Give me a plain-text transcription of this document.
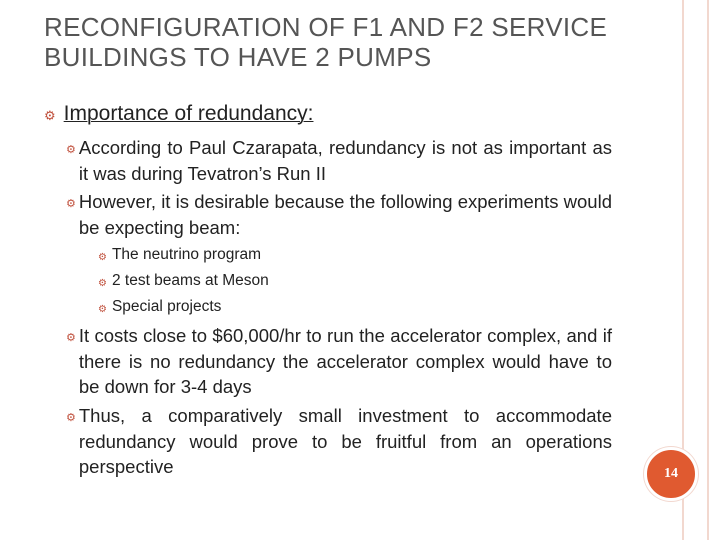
RECONFIGURATION OF F1 AND F2 SERVICE BUILDINGS TO HAVE 2 PUMPS
⚙ Importance of redundancy:
⚙ According to Paul Czarapata, redundancy is not as important as it was during Tevatron’s Run II
⚙ However, it is desirable because the following experiments would be expecting beam:
⚙ The neutrino program
⚙ 2 test beams at Meson
⚙ Special projects
⚙ It costs close to $60,000/hr to run the accelerator complex, and if there is no redundancy the accelerator complex would have to be down for 3-4 days
⚙ Thus, a comparatively small investment to accommodate redundancy would prove to be fruitful from an operations perspective	14
